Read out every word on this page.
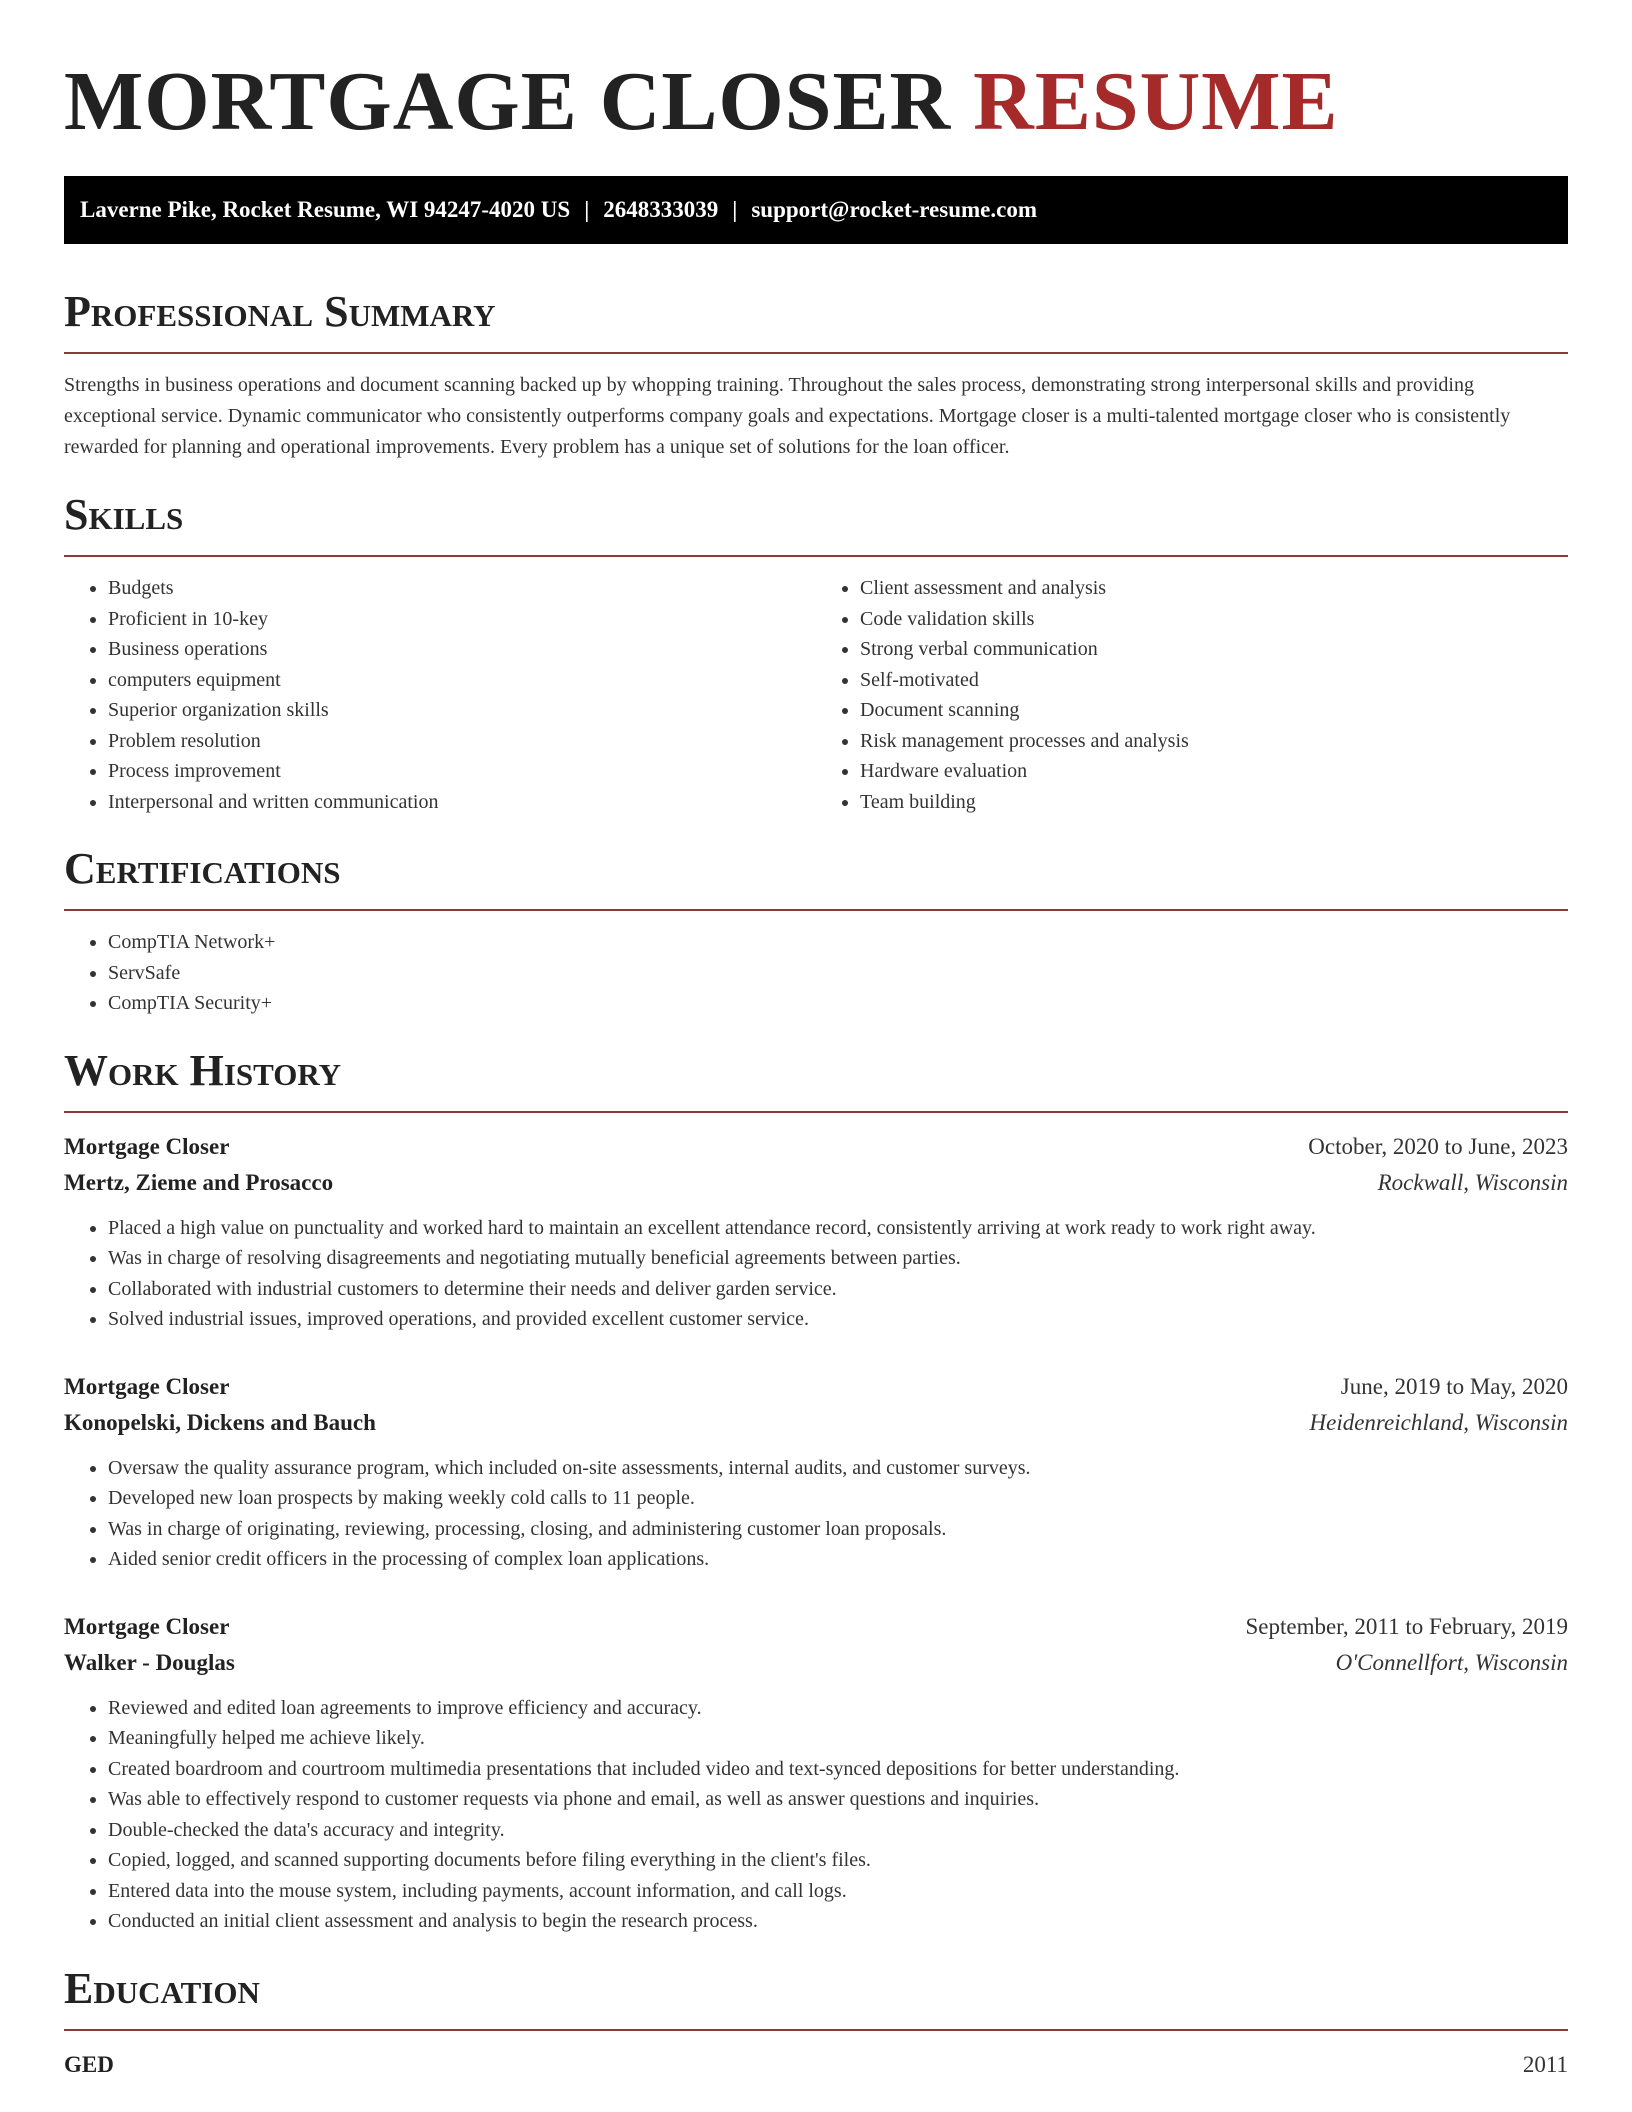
MORTGAGE CLOSER RESUME
Laverne Pike, Rocket Resume, WI 94247-4020 US | 2648333039 | support@rocket-resume.com
Professional Summary

Strengths in business operations and document scanning backed up by whopping training. Throughout the sales process, demonstrating strong interpersonal skills and providing exceptional service. Dynamic communicator who consistently outperforms company goals and expectations. Mortgage closer is a multi-talented mortgage closer who is consistently rewarded for planning and operational improvements. Every problem has a unique set of solutions for the loan officer.

Skills
• Budgets
• Proficient in 10-key
• Business operations
• computers equipment
• Superior organization skills
• Problem resolution
• Process improvement
• Interpersonal and written communication
• Client assessment and analysis
• Code validation skills
• Strong verbal communication
• Self-motivated
• Document scanning
• Risk management processes and analysis
• Hardware evaluation
• Team building
Certifications
• CompTIA Network+
• ServSafe
• CompTIA Security+
Work History
Mortgage Closer	October, 2020 to June, 2023
Mertz, Zieme and Prosacco	Rockwall, Wisconsin
• Placed a high value on punctuality and worked hard to maintain an excellent attendance record, consistently arriving at work ready to work right away.
• Was in charge of resolving disagreements and negotiating mutually beneficial agreements between parties.
• Collaborated with industrial customers to determine their needs and deliver garden service.
• Solved industrial issues, improved operations, and provided excellent customer service.
Mortgage Closer	June, 2019 to May, 2020
Konopelski, Dickens and Bauch	Heidenreichland, Wisconsin
• Oversaw the quality assurance program, which included on-site assessments, internal audits, and customer surveys.
• Developed new loan prospects by making weekly cold calls to 11 people.
• Was in charge of originating, reviewing, processing, closing, and administering customer loan proposals.
• Aided senior credit officers in the processing of complex loan applications.
Mortgage Closer	September, 2011 to February, 2019
Walker - Douglas	O'Connellfort, Wisconsin
• Reviewed and edited loan agreements to improve efficiency and accuracy.
• Meaningfully helped me achieve likely.
• Created boardroom and courtroom multimedia presentations that included video and text-synced depositions for better understanding.
• Was able to effectively respond to customer requests via phone and email, as well as answer questions and inquiries.
• Double-checked the data's accuracy and integrity.
• Copied, logged, and scanned supporting documents before filing everything in the client's files.
• Entered data into the mouse system, including payments, account information, and call logs.
• Conducted an initial client assessment and analysis to begin the research process.
Education
GED	2011
